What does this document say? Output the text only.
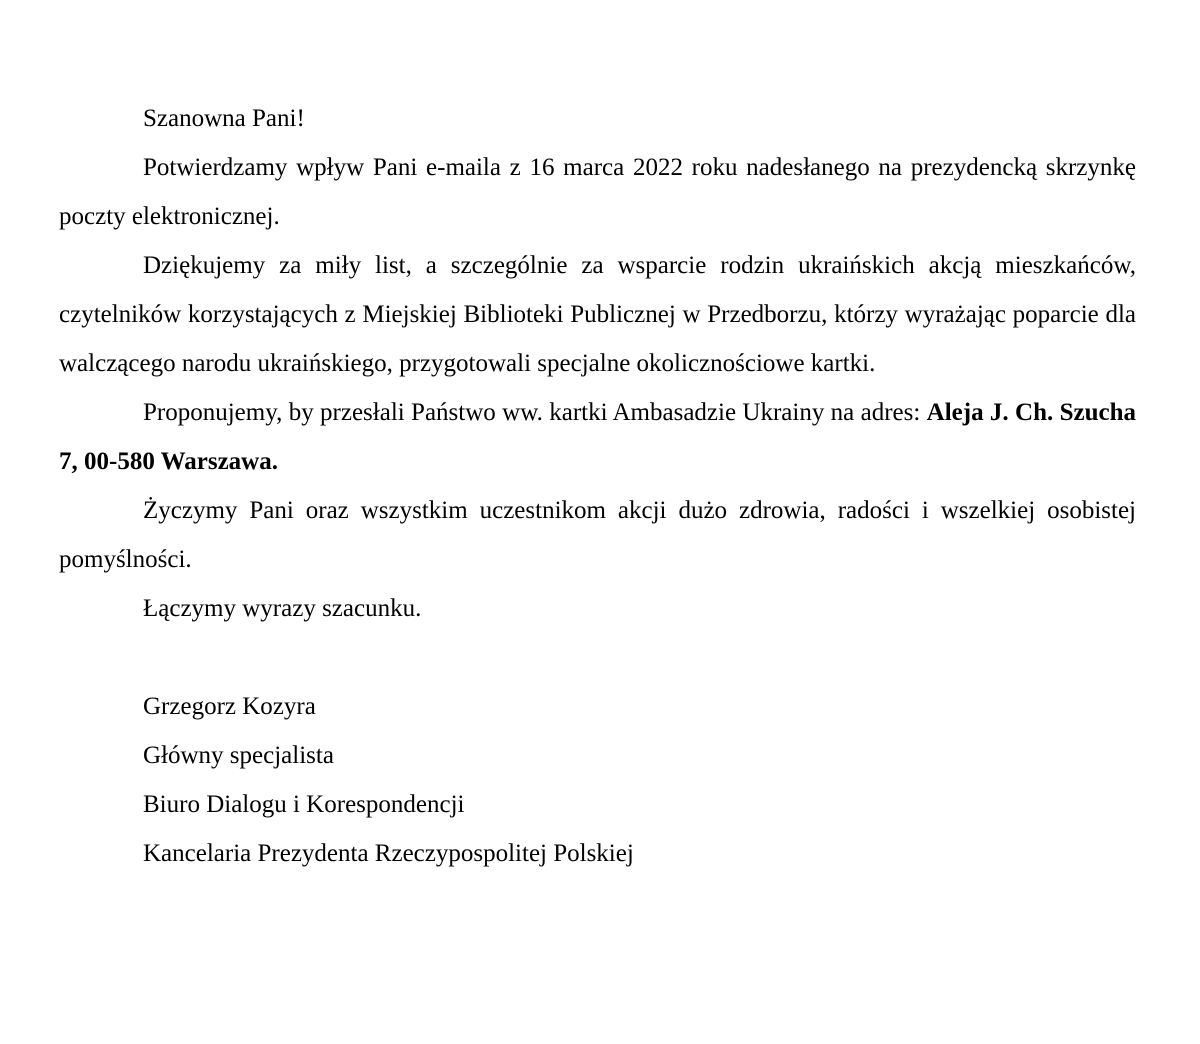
Szanowna Pani!

Potwierdzamy wpływ Pani e-maila z 16 marca 2022 roku nadesłanego na prezydencką skrzynkę poczty elektronicznej.

Dziękujemy za miły list, a szczególnie za wsparcie rodzin ukraińskich akcją mieszkańców, czytelników korzystających z Miejskiej Biblioteki Publicznej w Przedborzu, którzy wyrażając poparcie dla walczącego narodu ukraińskiego, przygotowali specjalne okolicznościowe kartki.

Proponujemy, by przesłali Państwo ww. kartki Ambasadzie Ukrainy na adres: Aleja J. Ch. Szucha 7, 00-580 Warszawa.

Życzymy Pani oraz wszystkim uczestnikom akcji dużo zdrowia, radości i wszelkiej osobistej pomyślności.

Łączymy wyrazy szacunku.

Grzegorz Kozyra

Główny specjalista

Biuro Dialogu i Korespondencji

Kancelaria Prezydenta Rzeczypospolitej Polskiej
